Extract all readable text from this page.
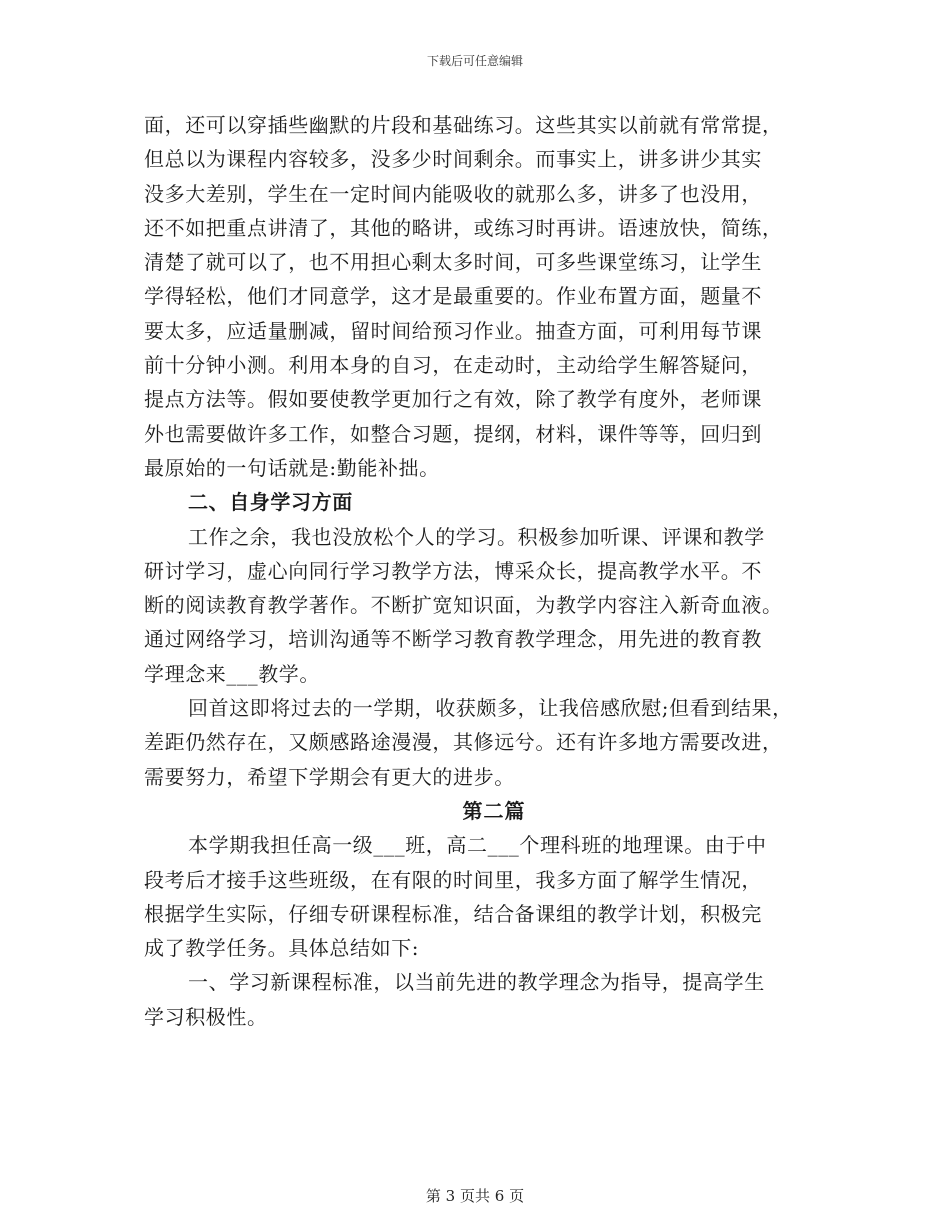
下载后可任意编辑
面，还可以穿插些幽默的片段和基础练习。这些其实以前就有常常提，
但总以为课程内容较多，没多少时间剩余。而事实上，讲多讲少其实
没多大差别，学生在一定时间内能吸收的就那么多，讲多了也没用，
还不如把重点讲清了，其他的略讲，或练习时再讲。语速放快，简练，
清楚了就可以了，也不用担心剩太多时间，可多些课堂练习，让学生
学得轻松，他们才同意学，这才是最重要的。作业布置方面，题量不
要太多，应适量删减，留时间给预习作业。抽查方面，可利用每节课
前十分钟小测。利用本身的自习，在走动时，主动给学生解答疑问，
提点方法等。假如要使教学更加行之有效，除了教学有度外，老师课
外也需要做许多工作，如整合习题，提纲，材料，课件等等，回归到
最原始的一句话就是:勤能补拙。
二、自身学习方面
工作之余，我也没放松个人的学习。积极参加听课、评课和教学
研讨学习，虚心向同行学习教学方法，博采众长，提高教学水平。不
断的阅读教育教学著作。不断扩宽知识面，为教学内容注入新奇血液。
通过网络学习，培训沟通等不断学习教育教学理念，用先进的教育教
学理念来___教学。
回首这即将过去的一学期，收获颇多，让我倍感欣慰;但看到结果，
差距仍然存在，又颇感路途漫漫，其修远兮。还有许多地方需要改进，
需要努力，希望下学期会有更大的进步。
第二篇
本学期我担任高一级___班，高二___个理科班的地理课。由于中
段考后才接手这些班级，在有限的时间里，我多方面了解学生情况，
根据学生实际，仔细专研课程标准，结合备课组的教学计划，积极完
成了教学任务。具体总结如下:
一、学习新课程标准，以当前先进的教学理念为指导，提高学生
学习积极性。
第 3 页共 6 页
